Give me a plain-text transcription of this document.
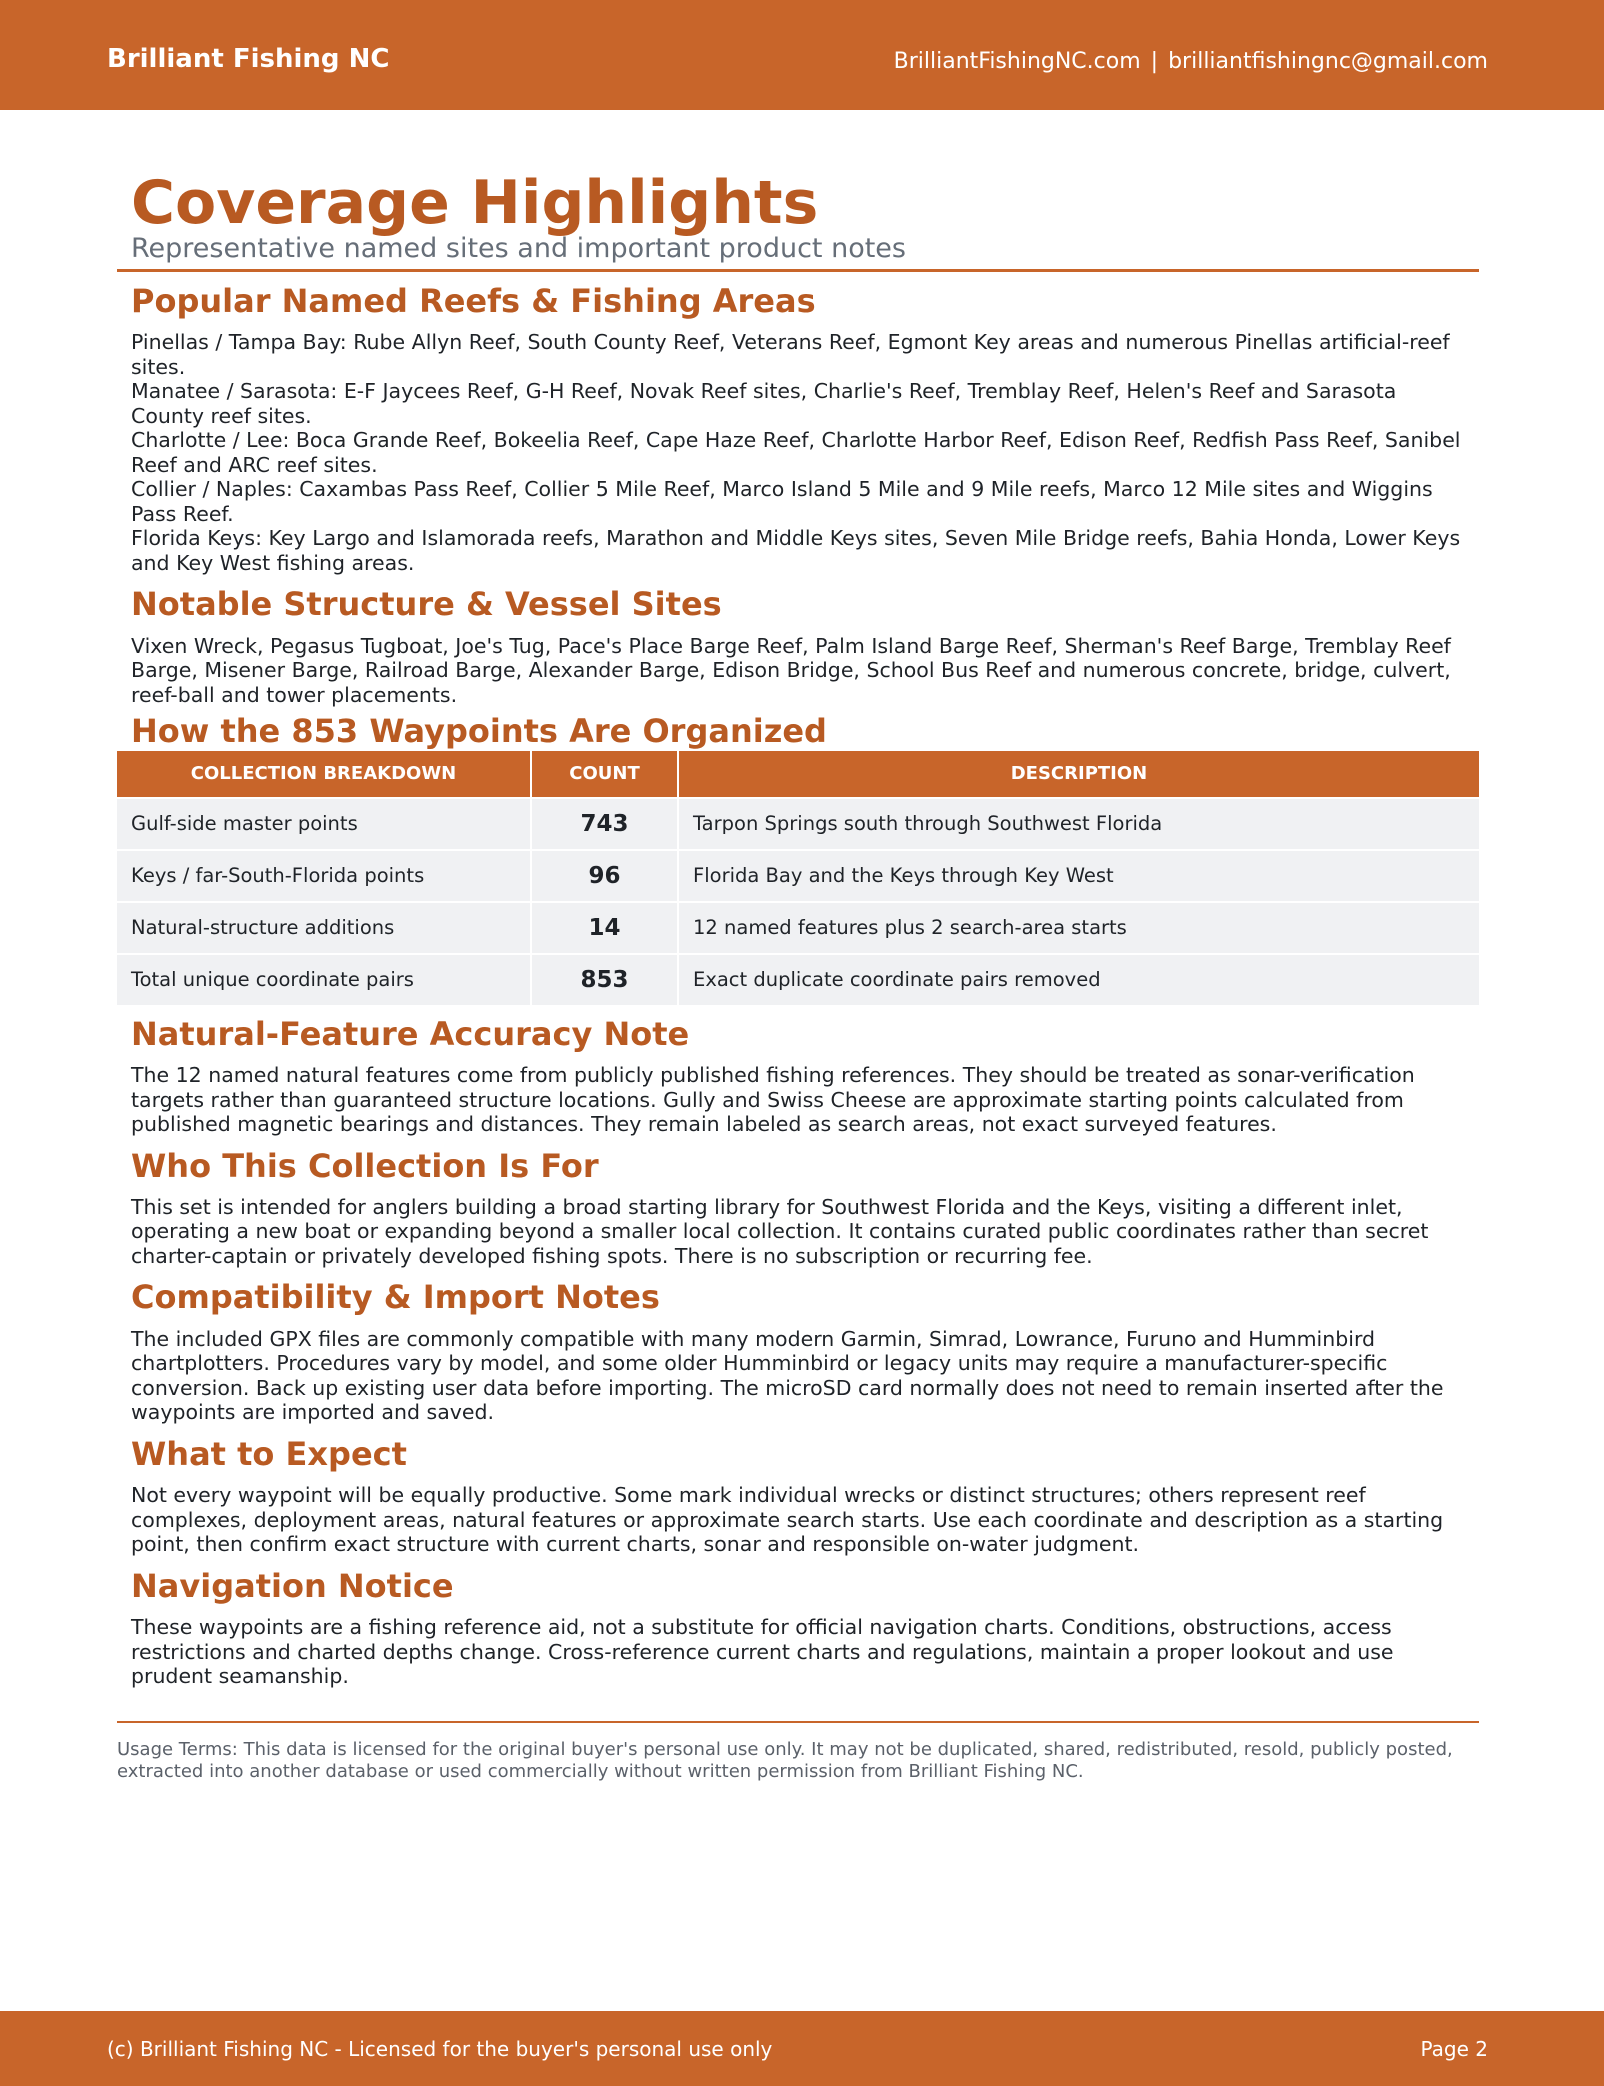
Brilliant Fishing NC	BrilliantFishingNC.com | brilliantfishingnc@gmail.com
Coverage Highlights
Representative named sites and important product notes
Popular Named Reefs & Fishing Areas

Pinellas / Tampa Bay: Rube Allyn Reef, South County Reef, Veterans Reef, Egmont Key areas and numerous Pinellas artificial-reef sites.

Manatee / Sarasota: E-F Jaycees Reef, G-H Reef, Novak Reef sites, Charlie's Reef, Tremblay Reef, Helen's Reef and Sarasota County reef sites.

Charlotte / Lee: Boca Grande Reef, Bokeelia Reef, Cape Haze Reef, Charlotte Harbor Reef, Edison Reef, Redfish Pass Reef, Sanibel Reef and ARC reef sites.

Collier / Naples: Caxambas Pass Reef, Collier 5 Mile Reef, Marco Island 5 Mile and 9 Mile reefs, Marco 12 Mile sites and Wiggins Pass Reef.

Florida Keys: Key Largo and Islamorada reefs, Marathon and Middle Keys sites, Seven Mile Bridge reefs, Bahia Honda, Lower Keys and Key West fishing areas.

Notable Structure & Vessel Sites
Vixen Wreck, Pegasus Tugboat, Joe's Tug, Pace's Place Barge Reef, Palm Island Barge Reef, Sherman's Reef Barge, Tremblay Reef Barge, Misener Barge, Railroad Barge, Alexander Barge, Edison Bridge, School Bus Reef and numerous concrete, bridge, culvert, reef-ball and tower placements.
How the 853 Waypoints Are Organized
COLLECTION BREAKDOWN	COUNT	DESCRIPTION
Gulf-side master points	743	Tarpon Springs south through Southwest Florida
Keys / far-South-Florida points	96	Florida Bay and the Keys through Key West
Natural-structure additions	14	12 named features plus 2 search-area starts
Total unique coordinate pairs	853	Exact duplicate coordinate pairs removed
Natural-Feature Accuracy Note
The 12 named natural features come from publicly published fishing references. They should be treated as sonar-verification targets rather than guaranteed structure locations. Gully and Swiss Cheese are approximate starting points calculated from published magnetic bearings and distances. They remain labeled as search areas, not exact surveyed features.
Who This Collection Is For
This set is intended for anglers building a broad starting library for Southwest Florida and the Keys, visiting a different inlet, operating a new boat or expanding beyond a smaller local collection. It contains curated public coordinates rather than secret charter-captain or privately developed fishing spots. There is no subscription or recurring fee.
Compatibility & Import Notes
The included GPX files are commonly compatible with many modern Garmin, Simrad, Lowrance, Furuno and Humminbird chartplotters. Procedures vary by model, and some older Humminbird or legacy units may require a manufacturer-specific conversion. Back up existing user data before importing. The microSD card normally does not need to remain inserted after the waypoints are imported and saved.
What to Expect
Not every waypoint will be equally productive. Some mark individual wrecks or distinct structures; others represent reef complexes, deployment areas, natural features or approximate search starts. Use each coordinate and description as a starting point, then confirm exact structure with current charts, sonar and responsible on-water judgment.
Navigation Notice
These waypoints are a fishing reference aid, not a substitute for official navigation charts. Conditions, obstructions, access restrictions and charted depths change. Cross-reference current charts and regulations, maintain a proper lookout and use prudent seamanship.
Usage Terms: This data is licensed for the original buyer's personal use only. It may not be duplicated, shared, redistributed, resold, publicly posted, extracted into another database or used commercially without written permission from Brilliant Fishing NC.
(c) Brilliant Fishing NC - Licensed for the buyer's personal use only	Page 2
